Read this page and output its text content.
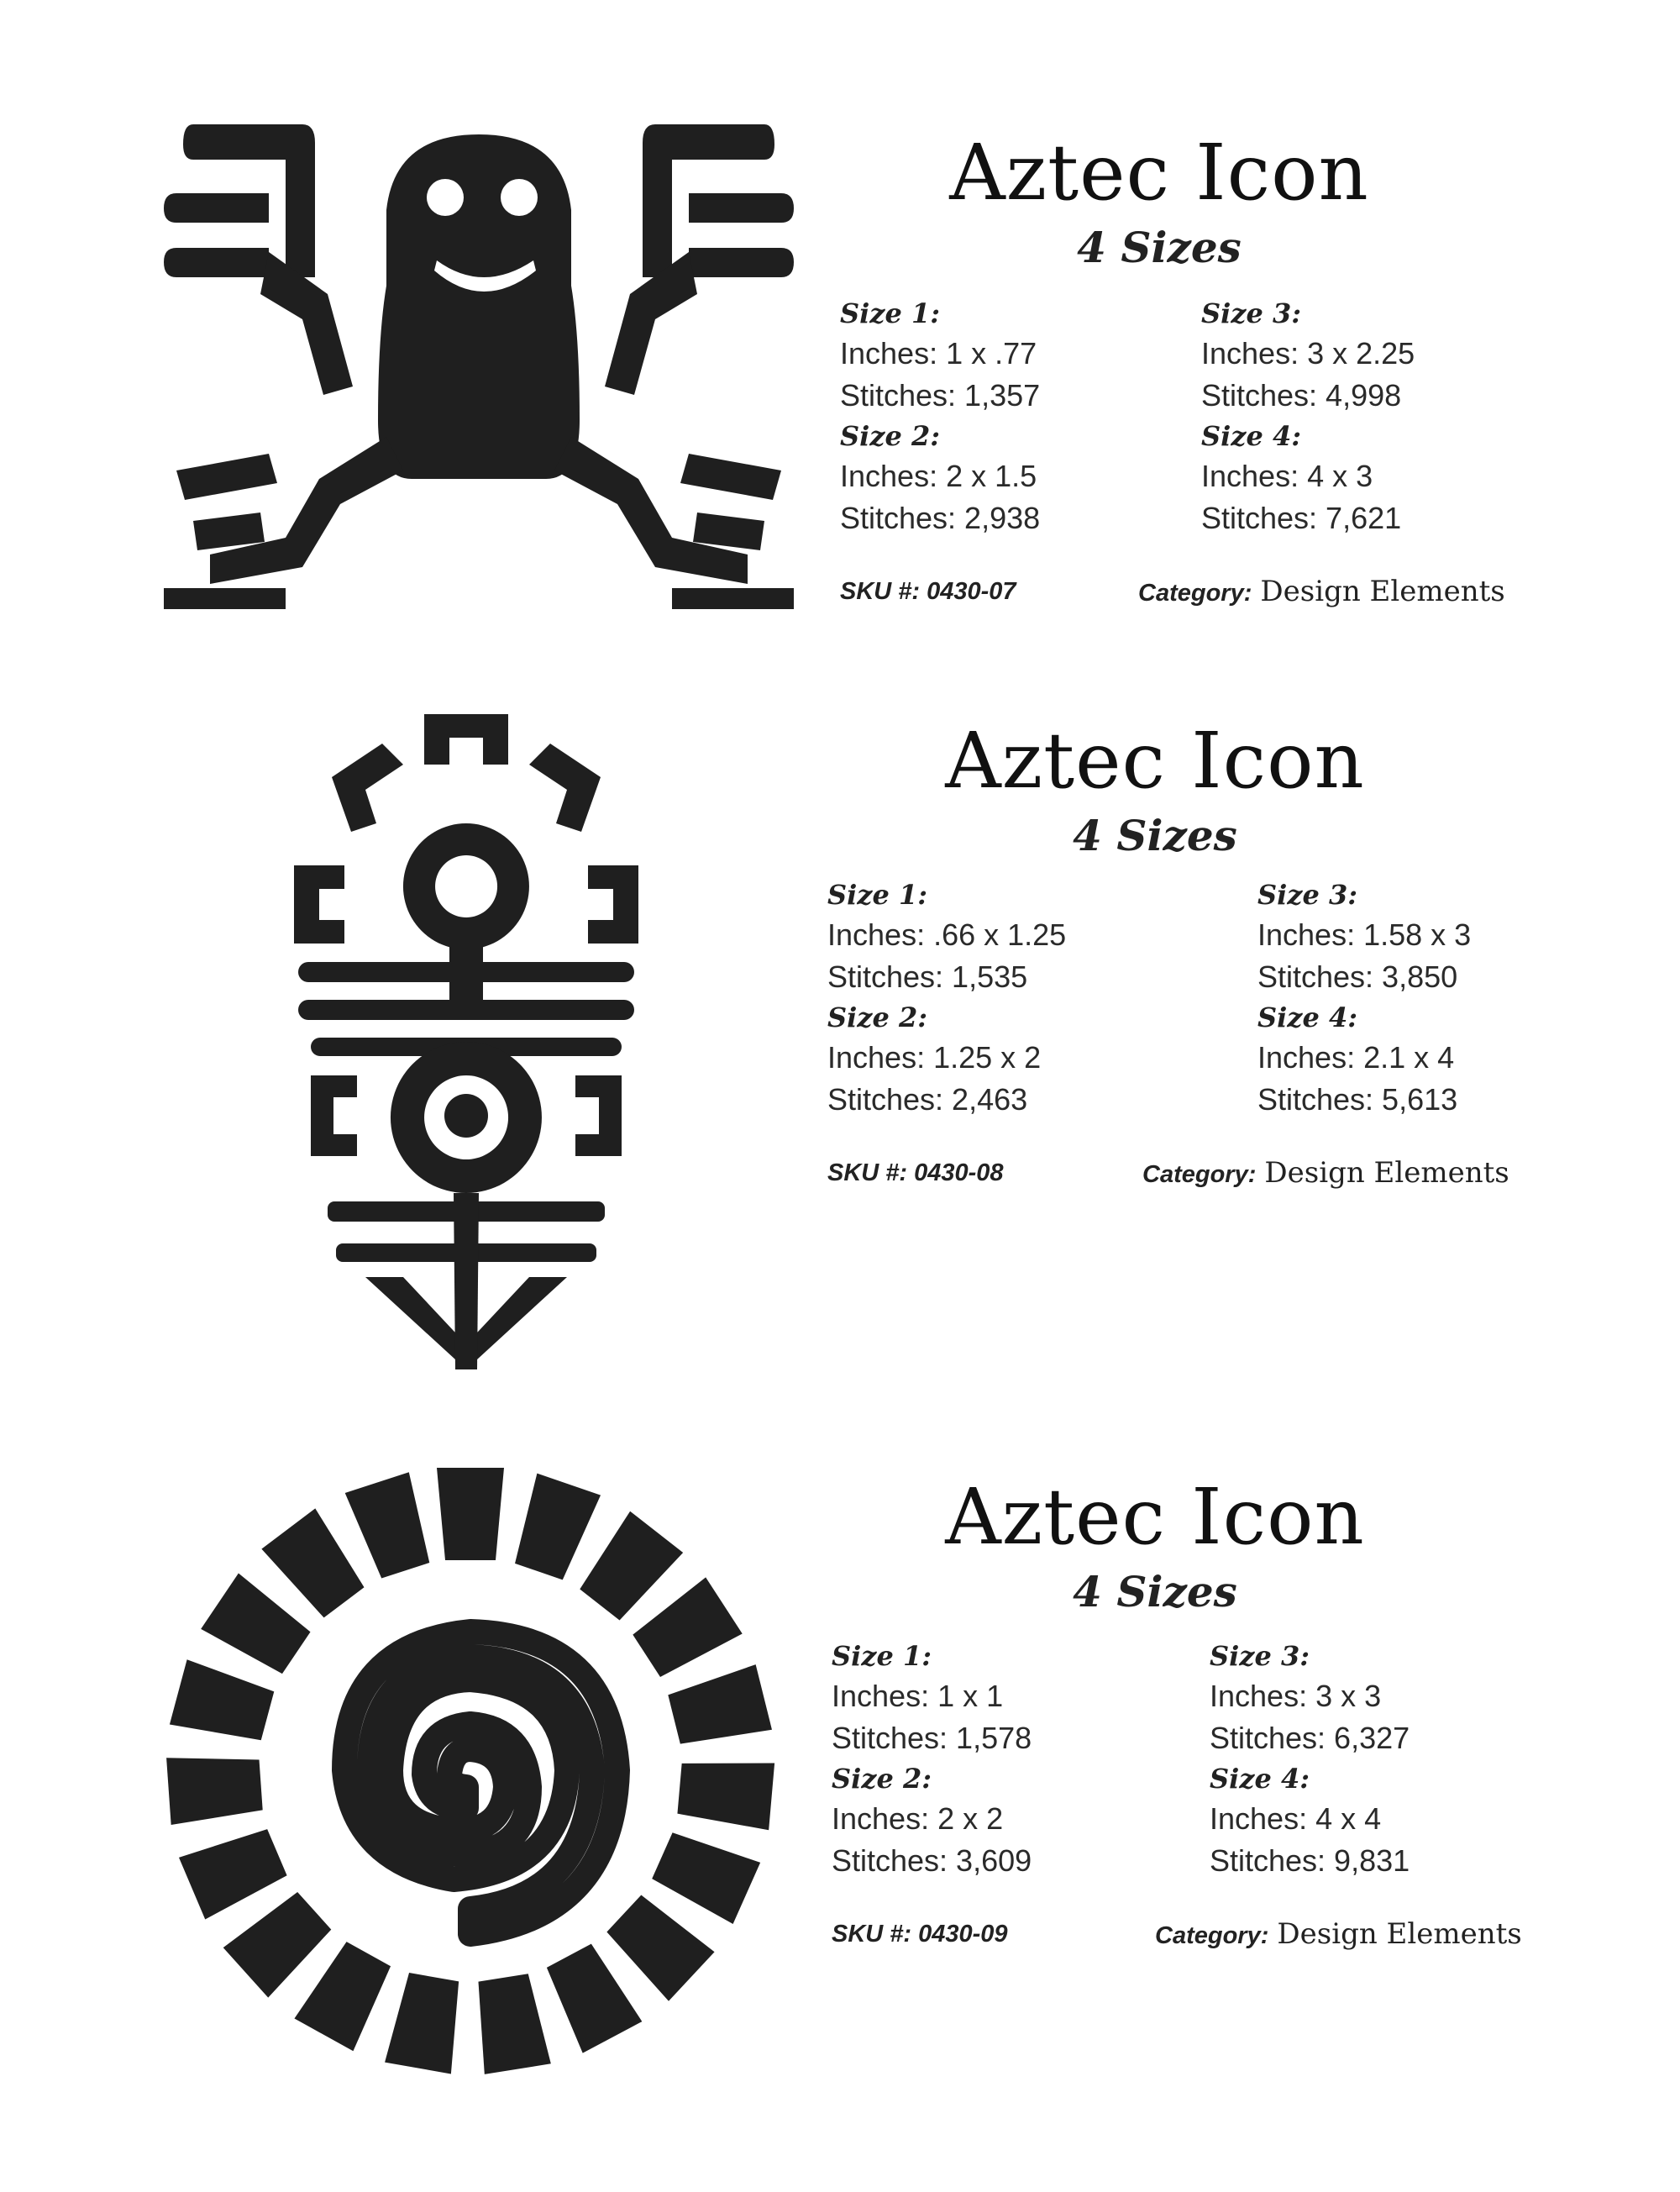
Aztec Icon
4 Sizes
Size 1:
Inches: 1 x .77
Stitches: 1,357
Size 2:
Inches: 2 x 1.5
Stitches: 2,938
Size 3:
Inches: 3 x 2.25
Stitches: 4,998
Size 4:
Inches: 4 x 3
Stitches: 7,621
SKU #: 0430-07	Category: Design Elements
Aztec Icon
4 Sizes
Size 1:
Inches: .66 x 1.25
Stitches: 1,535
Size 2:
Inches: 1.25 x 2
Stitches: 2,463
Size 3:
Inches: 1.58 x 3
Stitches: 3,850
Size 4:
Inches: 2.1 x 4
Stitches: 5,613
SKU #: 0430-08	Category: Design Elements
Aztec Icon
4 Sizes
Size 1:
Inches: 1 x 1
Stitches: 1,578
Size 2:
Inches: 2 x 2
Stitches: 3,609
Size 3:
Inches: 3 x 3
Stitches: 6,327
Size 4:
Inches: 4 x 4
Stitches: 9,831
SKU #: 0430-09	Category: Design Elements
